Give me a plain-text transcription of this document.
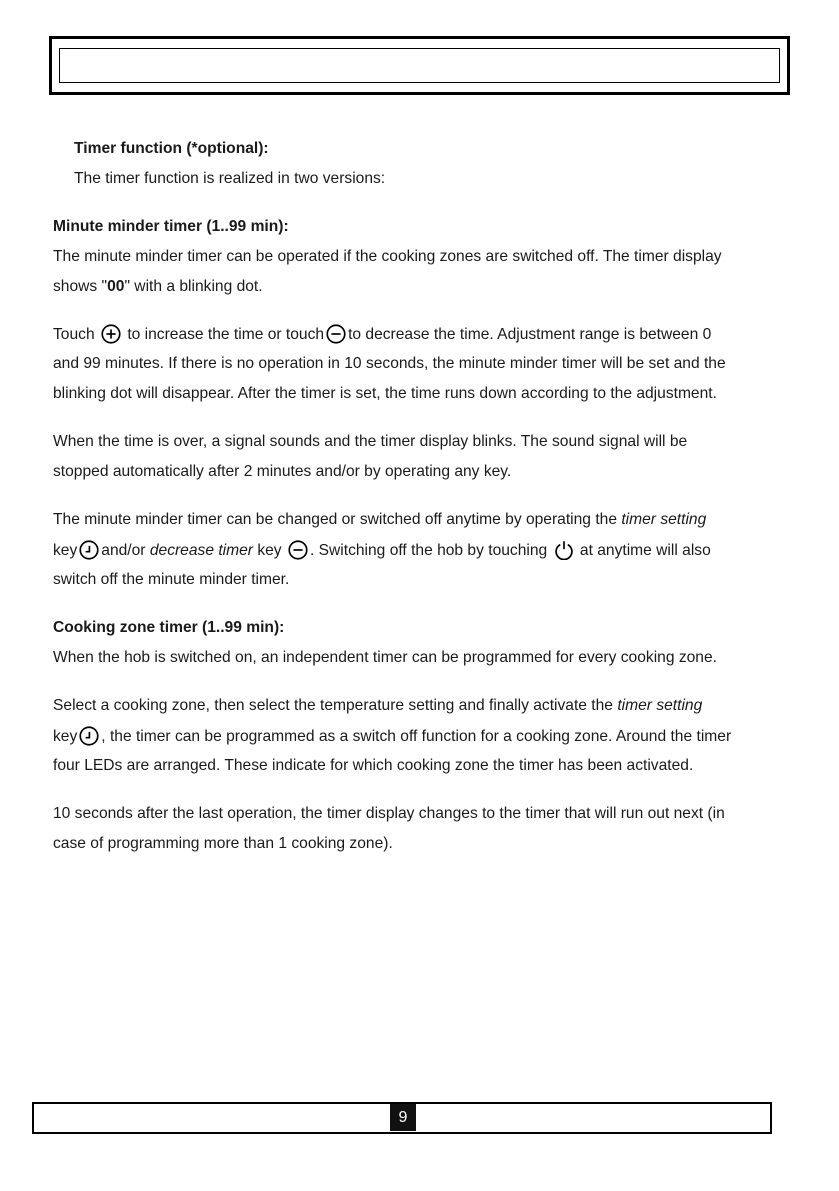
Timer function (*optional):
The timer function is realized in two versions:
Minute minder timer (1..99 min):
The minute minder timer can be operated if the cooking zones are switched off. The timer display
shows "00" with a blinking dot.
Touch to increase the time or touch to decrease the time. Adjustment range is between 0
and 99 minutes. If there is no operation in 10 seconds, the minute minder timer will be set and the
blinking dot will disappear. After the timer is set, the time runs down according to the adjustment.
When the time is over, a signal sounds and the timer display blinks. The sound signal will be
stopped automatically after 2 minutes and/or by operating any key.
The minute minder timer can be changed or switched off anytime by operating the timer setting
key and/or decrease timer key . Switching off the hob by touching at anytime will also
switch off the minute minder timer.
Cooking zone timer (1..99 min):
When the hob is switched on, an independent timer can be programmed for every cooking zone.
Select a cooking zone, then select the temperature setting and finally activate the timer setting
key , the timer can be programmed as a switch off function for a cooking zone. Around the timer
four LEDs are arranged. These indicate for which cooking zone the timer has been activated.
10 seconds after the last operation, the timer display changes to the timer that will run out next (in
case of programming more than 1 cooking zone).
9
